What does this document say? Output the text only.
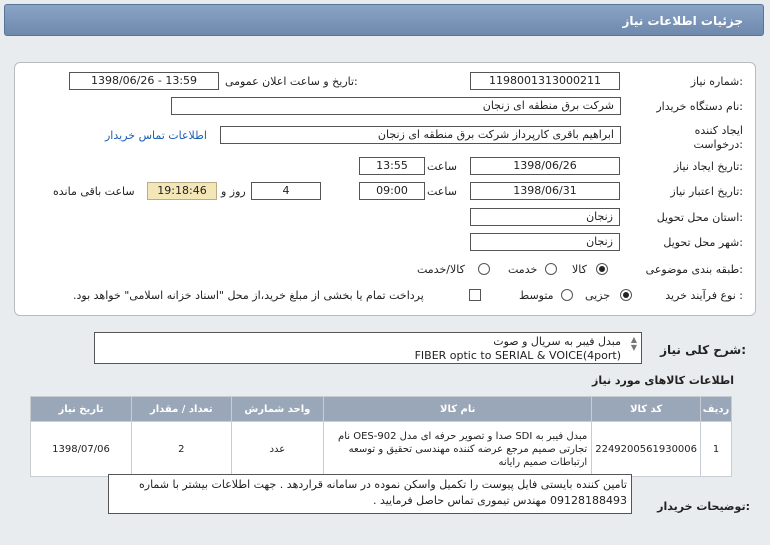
جزئیات اطلاعات نیاز
شماره نیاز:
1198001313000211
تاریخ و ساعت اعلان عمومی:
1398/06/26 - 13:59
نام دستگاه خریدار:
شرکت برق منطقه ای زنجان
ایجاد کننده درخواست:
ابراهیم باقری کارپرداز شرکت برق منطقه ای زنجان
اطلاعات تماس خریدار
تاریخ ایجاد نیاز:
1398/06/26
ساعت
13:55
تاریخ اعتبار نیاز:
1398/06/31
ساعت
09:00
4
روز و
19:18:46
ساعت باقی مانده
استان محل تحویل:
زنجان
شهر محل تحویل:
زنجان
طبقه بندی موضوعی:
کالا
خدمت
کالا/خدمت
نوع فرآیند خرید :
جزیی
متوسط
پرداخت تمام یا بخشی از مبلغ خرید،از محل "اسناد خزانه اسلامی" خواهد بود.
شرح کلی نیاز:
مبدل فیبر به سریال و صوت
FIBER optic to SERIAL & VOICE(4port)
▲
▼
اطلاعات کالاهای مورد نیاز
تاریخ نیاز	تعداد / مقدار	واحد شمارش	نام کالا	کد کالا	ردیف
1398/07/06	2	عدد	مبدل فیبر به SDI صدا و تصویر حرفه ای مدل OES-902 نام تجارتی صمیم مرجع عرضه کننده مهندسی تحقیق و توسعه ارتباطات صمیم رایانه	2249200561930006	1
توضیحات خریدار:
تامین کننده بایستی فایل پیوست را تکمیل واسکن نموده در سامانه قراردهد . جهت اطلاعات بیشتر با شماره 09128188493 مهندس تیموری تماس حاصل فرمایید .
